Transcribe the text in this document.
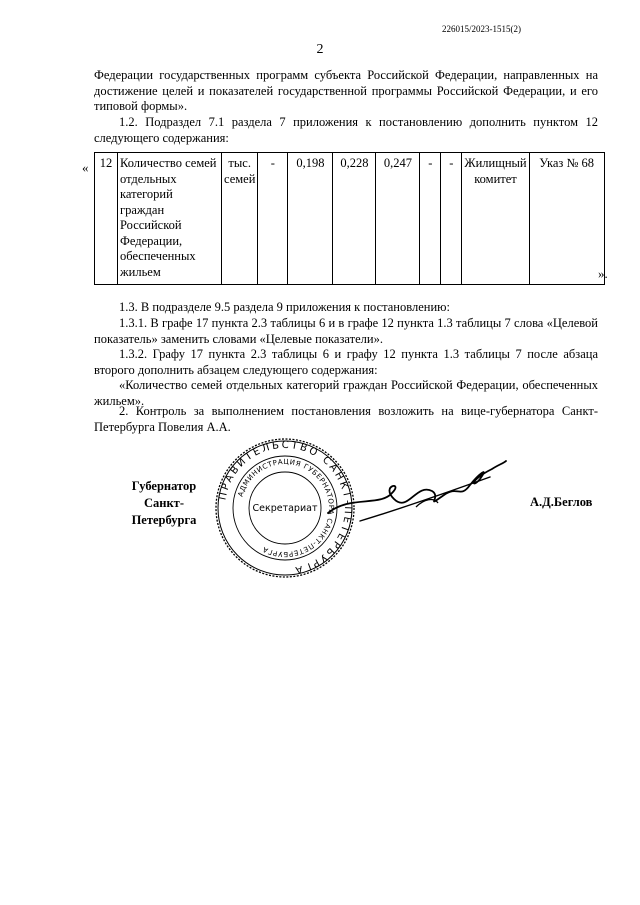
226015/2023-1515(2)
2
Федерации государственных программ субъекта Российской Федерации, направленных на достижение целей и показателей государственной программы Российской Федерации, и его типовой формы».
1.2. Подраздел 7.1 раздела 7 приложения к постановлению дополнить пунктом 12 следующего содержания:
« 12	Количество семей отдельных категорий граждан Российской Федерации, обеспеченных жильем	тыс. семей	-	0,198	0,228	0,247	-	-	Жилищный комитет	Указ № 68
».
1.3. В подразделе 9.5 раздела 9 приложения к постановлению:
1.3.1. В графе 17 пункта 2.3 таблицы 6 и в графе 12 пункта 1.3 таблицы 7 слова «Целевой показатель» заменить словами «Целевые показатели».
1.3.2. Графу 17 пункта 2.3 таблицы 6 и графу 12 пункта 1.3 таблицы 7 после абзаца второго дополнить абзацем следующего содержания:
«Количество семей отдельных категорий граждан Российской Федерации, обеспеченных жильем».
2. Контроль за выполнением постановления возложить на вице-губернатора Санкт-Петербурга Повелия А.А.
Губернатор
Санкт-Петербурга
А.Д.Беглов
ПРАВИТЕЛЬСТВО САНКТ-ПЕТЕРБУРГА
АДМИНИСТРАЦИЯ ГУБЕРНАТОРА САНКТ-ПЕТЕРБУРГА
Секретариат
